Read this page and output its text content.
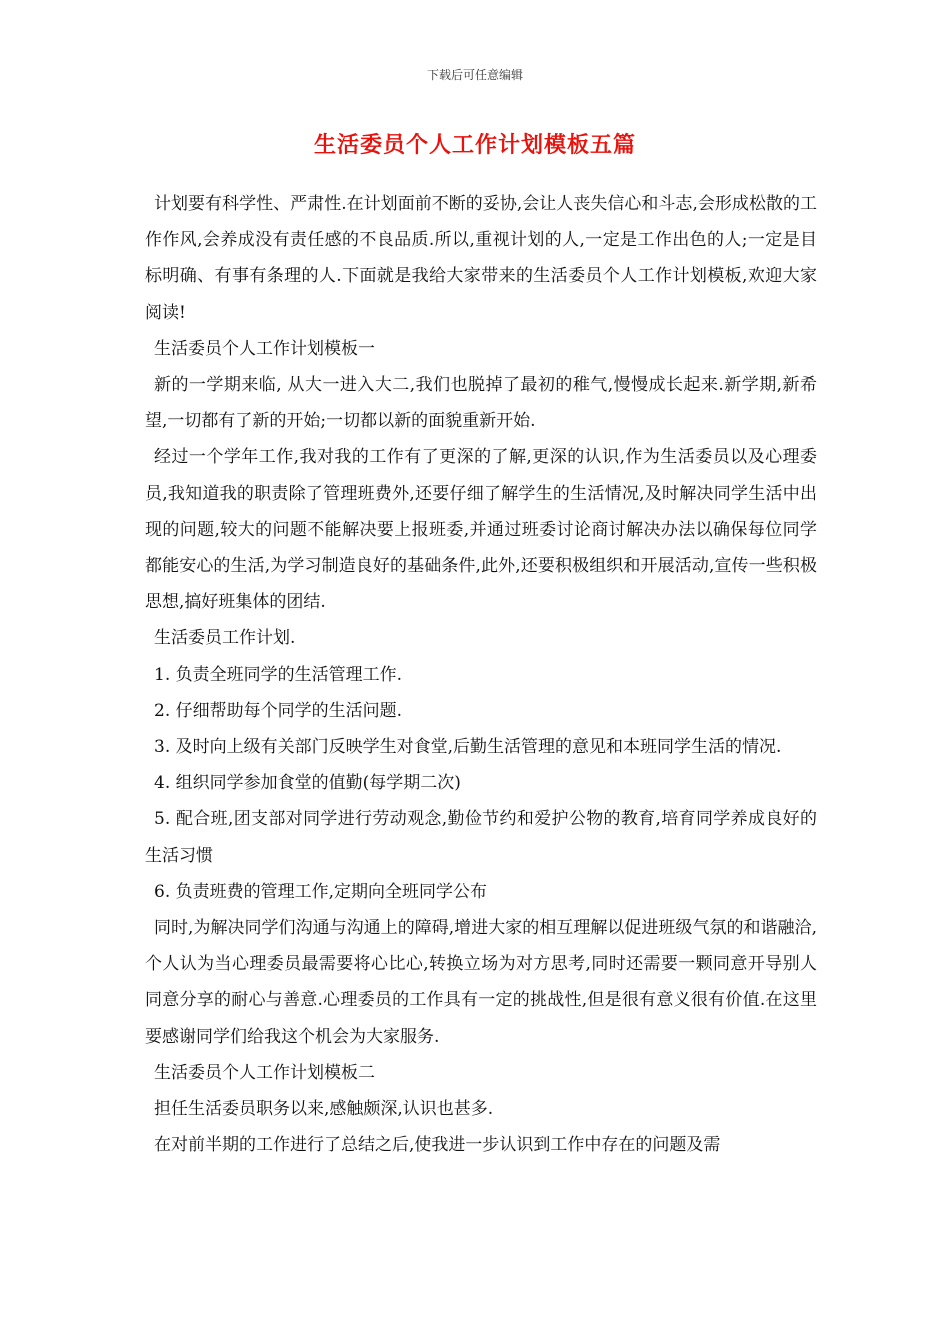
下载后可任意编辑
生活委员个人工作计划模板五篇

计划要有科学性、严肃性.在计划面前不断的妥协,会让人丧失信心和斗志,会形成松散的工作作风,会养成没有责任感的不良品质.所以,重视计划的人,一定是工作出色的人;一定是目标明确、有事有条理的人.下面就是我给大家带来的生活委员个人工作计划模板,欢迎大家阅读!

生活委员个人工作计划模板一

新的一学期来临, 从大一进入大二,我们也脱掉了最初的稚气,慢慢成长起来.新学期,新希望,一切都有了新的开始;一切都以新的面貌重新开始.

经过一个学年工作,我对我的工作有了更深的了解,更深的认识,作为生活委员以及心理委员,我知道我的职责除了管理班费外,还要仔细了解学生的生活情况,及时解决同学生活中出现的问题,较大的问题不能解决要上报班委,并通过班委讨论商讨解决办法以确保每位同学都能安心的生活,为学习制造良好的基础条件,此外,还要积极组织和开展活动,宣传一些积极思想,搞好班集体的团结.

生活委员工作计划.

1. 负责全班同学的生活管理工作.

2. 仔细帮助每个同学的生活问题.

3. 及时向上级有关部门反映学生对食堂,后勤生活管理的意见和本班同学生活的情况.

4. 组织同学参加食堂的值勤(每学期二次)

5. 配合班,团支部对同学进行劳动观念,勤俭节约和爱护公物的教育,培育同学养成良好的生活习惯

6. 负责班费的管理工作,定期向全班同学公布

同时,为解决同学们沟通与沟通上的障碍,增进大家的相互理解以促进班级气氛的和谐融洽,个人认为当心理委员最需要将心比心,转换立场为对方思考,同时还需要一颗同意开导别人同意分享的耐心与善意.心理委员的工作具有一定的挑战性,但是很有意义很有价值.在这里要感谢同学们给我这个机会为大家服务.

生活委员个人工作计划模板二

担任生活委员职务以来,感触颇深,认识也甚多.

在对前半期的工作进行了总结之后,使我进一步认识到工作中存在的问题及需
